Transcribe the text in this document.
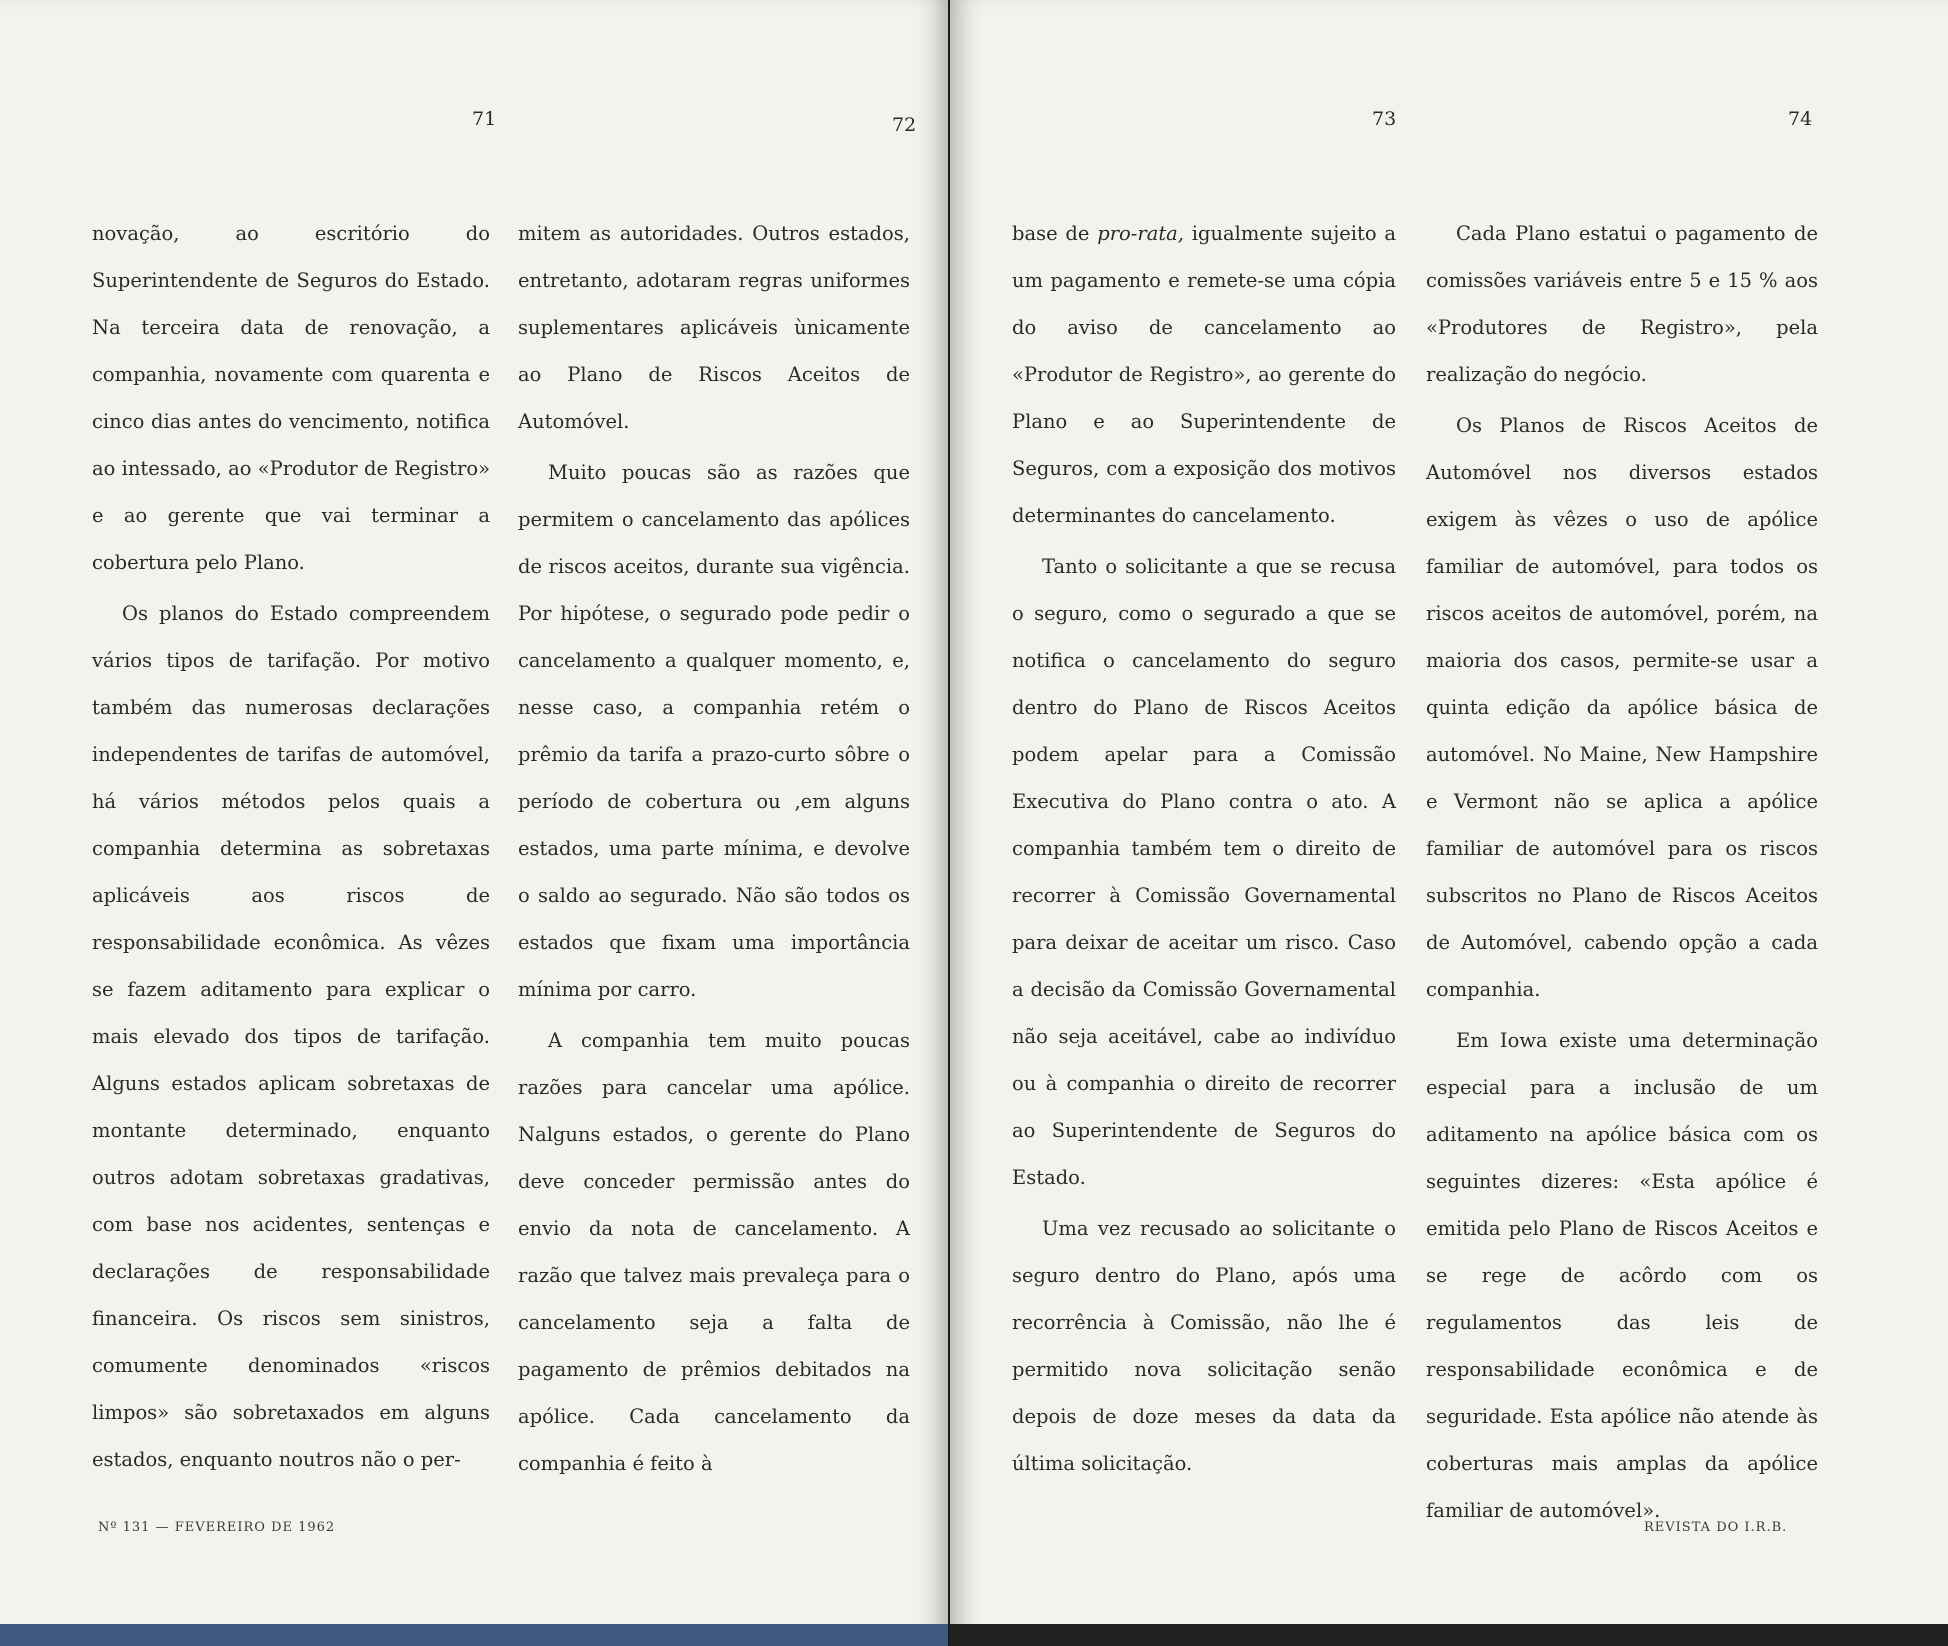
71

novação, ao escritório do Superintendente de Seguros do Estado. Na terceira data de renovação, a companhia, novamente com quarenta e cinco dias antes do vencimento, notifica ao intessado, ao «Produtor de Registro» e ao gerente que vai terminar a cobertura pelo Plano.

Os planos do Estado compreendem vários tipos de tarifação. Por motivo também das numerosas declarações independentes de tarifas de automóvel, há vários métodos pelos quais a companhia determina as sobretaxas aplicáveis aos riscos de responsabilidade econômica. As vêzes se fazem aditamento para explicar o mais elevado dos tipos de tarifação. Alguns estados aplicam sobretaxas de montante determinado, enquanto outros adotam sobretaxas gradativas, com base nos acidentes, sentenças e declarações de responsabilidade financeira. Os riscos sem sinistros, comumente denominados «riscos limpos» são sobretaxados em alguns estados, enquanto noutros não o per-

Nº 131 — FEVEREIRO DE 1962
72

mitem as autoridades. Outros estados, entretanto, adotaram regras uniformes suplementares aplicáveis ùnicamente ao Plano de Riscos Aceitos de Automóvel.

Muito poucas são as razões que permitem o cancelamento das apólices de riscos aceitos, durante sua vigência. Por hipótese, o segurado pode pedir o cancelamento a qualquer momento, e, nesse caso, a companhia retém o prêmio da tarifa a prazo-curto sôbre o período de cobertura ou ,em alguns estados, uma parte mínima, e devolve o saldo ao segurado. Não são todos os estados que fixam uma importância mínima por carro.

A companhia tem muito poucas razões para cancelar uma apólice. Nalguns estados, o gerente do Plano deve conceder permissão antes do envio da nota de cancelamento. A razão que talvez mais prevaleça para o cancelamento seja a falta de pagamento de prêmios debitados na apólice. Cada cancelamento da companhia é feito à

73

base de pro-rata, igualmente sujeito a um pagamento e remete-se uma cópia do aviso de cancelamento ao «Produtor de Registro», ao gerente do Plano e ao Superintendente de Seguros, com a exposição dos motivos determinantes do cancelamento.

Tanto o solicitante a que se recusa o seguro, como o segurado a que se notifica o cancelamento do seguro dentro do Plano de Riscos Aceitos podem apelar para a Comissão Executiva do Plano contra o ato. A companhia também tem o direito de recorrer à Comissão Governamental para deixar de aceitar um risco. Caso a decisão da Comissão Governamental não seja aceitável, cabe ao indivíduo ou à companhia o direito de recorrer ao Superintendente de Seguros do Estado.

Uma vez recusado ao solicitante o seguro dentro do Plano, após uma recorrência à Comissão, não lhe é permitido nova solicitação senão depois de doze meses da data da última solicitação.

74

Cada Plano estatui o pagamento de comissões variáveis entre 5 e 15 % aos «Produtores de Registro», pela realização do negócio.

Os Planos de Riscos Aceitos de Automóvel nos diversos estados exigem às vêzes o uso de apólice familiar de automóvel, para todos os riscos aceitos de automóvel, porém, na maioria dos casos, permite-se usar a quinta edição da apólice básica de automóvel. No Maine, New Hampshire e Vermont não se aplica a apólice familiar de automóvel para os riscos subscritos no Plano de Riscos Aceitos de Automóvel, cabendo opção a cada companhia.

Em Iowa existe uma determinação especial para a inclusão de um aditamento na apólice básica com os seguintes dizeres: «Esta apólice é emitida pelo Plano de Riscos Aceitos e se rege de acôrdo com os regulamentos das leis de responsabilidade econômica e de seguridade. Esta apólice não atende às coberturas mais amplas da apólice familiar de automóvel».

REVISTA DO I.R.B.
